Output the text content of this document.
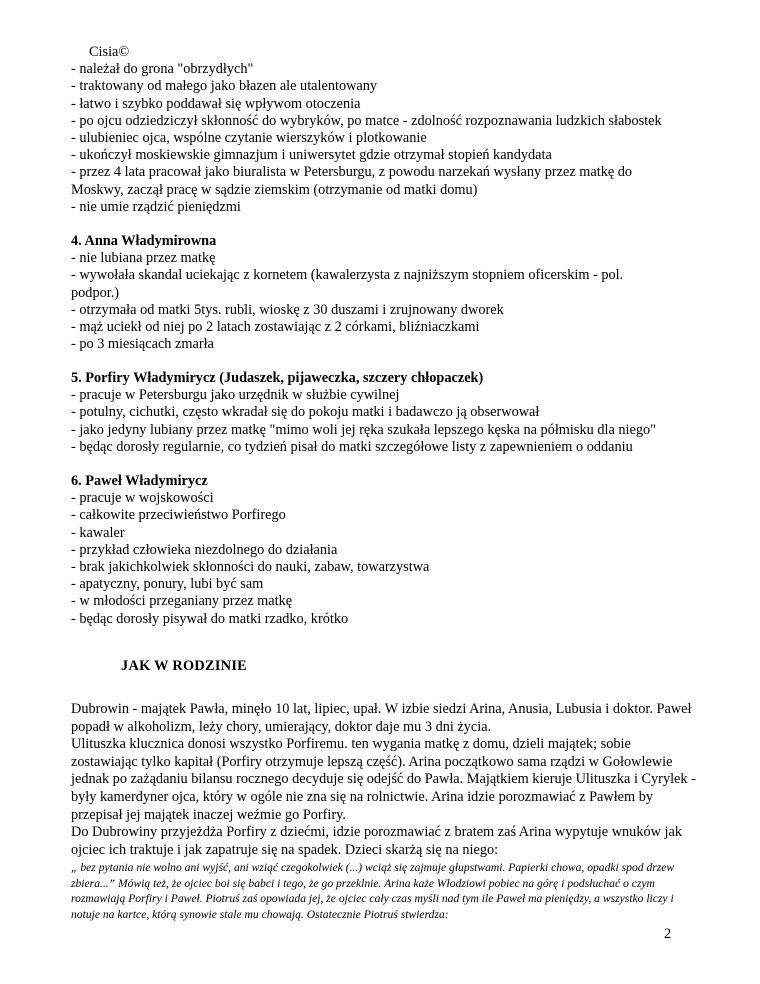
Cisia©
- należał do grona "obrzydłych"
- traktowany od małego jako błazen ale utalentowany
- łatwo i szybko poddawał się wpływom otoczenia
- po ojcu odziedziczył skłonność do wybryków, po matce - zdolność rozpoznawania ludzkich słabostek
- ulubieniec ojca, wspólne czytanie wierszyków i plotkowanie
- ukończył moskiewskie gimnazjum i uniwersytet gdzie otrzymał stopień kandydata
- przez 4 lata pracował jako biuralista w Petersburgu, z powodu narzekań wysłany przez matkę do Moskwy, zaczął pracę w sądzie ziemskim (otrzymanie od matki domu)
- nie umie rządzić pieniędzmi
4. Anna Władymirowna
- nie lubiana przez matkę
- wywołała skandal uciekając z kornetem (kawalerzysta z najniższym stopniem oficerskim - pol. podpor.)
- otrzymała od matki 5tys. rubli, wioskę z 30 duszami i zrujnowany dworek
- mąż uciekł od niej po 2 latach zostawiając z 2 córkami, bliźniaczkami
- po 3 miesiącach zmarła
5. Porfiry Władymirycz (Judaszek, pijaweczka, szczery chłopaczek)
- pracuje w Petersburgu jako urzędnik w służbie cywilnej
- potulny, cichutki, często wkradał się do pokoju matki i badawczo ją obserwował
- jako jedyny lubiany przez matkę "mimo woli jej ręka szukała lepszego kęska na półmisku dla niego"
- będąc dorosły regularnie, co tydzień pisał do matki szczegółowe listy z zapewnieniem o oddaniu
6. Paweł Władymirycz
- pracuje w wojskowości
- całkowite przeciwieństwo Porfirego
- kawaler
- przykład człowieka niezdolnego do działania
- brak jakichkolwiek skłonności do nauki, zabaw, towarzystwa
- apatyczny, ponury, lubi być sam
- w młodości przeganiany przez matkę
- będąc dorosły pisywał do matki rzadko, krótko
JAK W RODZINIE
Dubrowin - majątek Pawła, minęło 10 lat, lipiec, upał. W izbie siedzi Arina, Anusia, Lubusia i doktor. Paweł popadł w alkoholizm, leży chory, umierający, doktor daje mu 3 dni życia.
Ulituszka klucznica donosi wszystko Porfiremu. ten wygania matkę z domu, dzieli majątek; sobie zostawiając tylko kapitał (Porfiry otrzymuje lepszą część). Arina początkowo sama rządzi w Gołowlewie jednak po zażądaniu bilansu rocznego decyduje się odejść do Pawła. Majątkiem kieruje Ulituszka i Cyrylek - były kamerdyner ojca, który w ogóle nie zna się na rolnictwie. Arina idzie porozmawiać z Pawłem by przepisał jej majątek inaczej weźmie go Porfiry.
Do Dubrowiny przyjeżdża Porfiry z dziećmi, idzie porozmawiać z bratem zaś Arina wypytuje wnuków jak ojciec ich traktuje i jak zapatruje się na spadek. Dzieci skarżą się na niego:
„ bez pytania nie wolno ani wyjść, ani wziąć czegokolwiek (...) wciąż się zajmuje głupstwami. Papierki chowa, opadki spod drzew zbiera...” Mówią też, że ojciec boi się babci i tego, że go przeklnie. Arina każe Włodziowi pobiec na górę i podsłuchać o czym rozmawiają Porfiry i Paweł. Piotruś zaś opowiada jej, że ojciec cały czas myśli nad tym ile Paweł ma pieniędzy, a wszystko liczy i notuje na kartce, którą synowie stale mu chowają. Ostatecznie Piotruś stwierdza:
2
